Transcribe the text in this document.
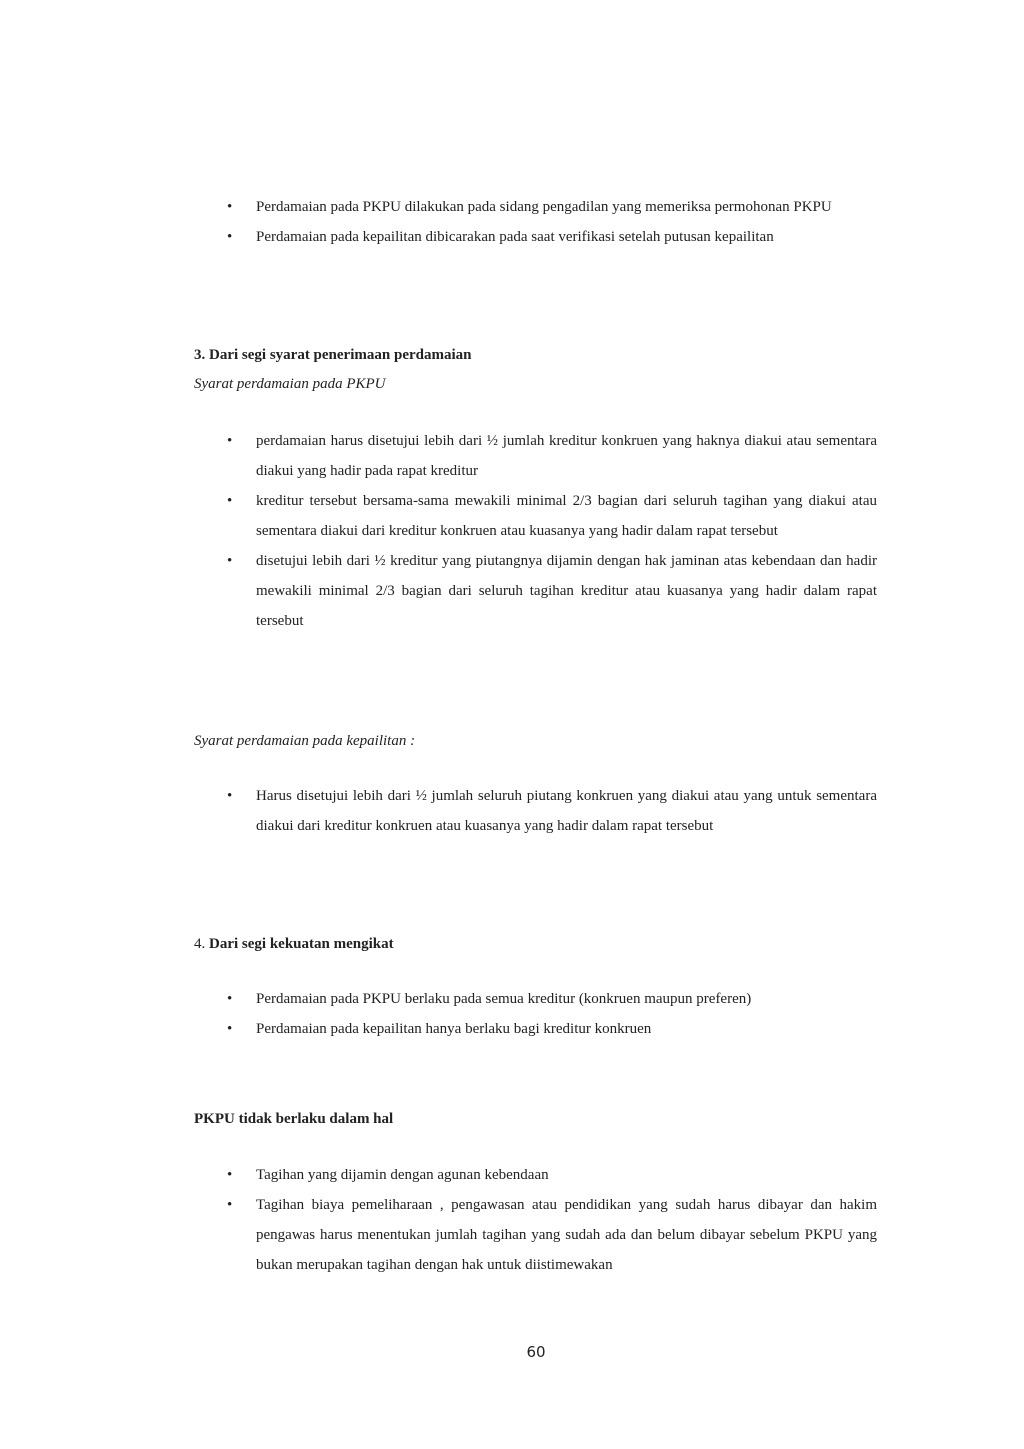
• Perdamaian pada PKPU dilakukan pada sidang pengadilan yang memeriksa permohonan PKPU
• Perdamaian pada kepailitan dibicarakan pada saat verifikasi setelah putusan kepailitan
3. Dari segi syarat penerimaan perdamaian
Syarat perdamaian pada PKPU
• perdamaian harus disetujui lebih dari ½ jumlah kreditur konkruen yang haknya diakui atau sementara diakui yang hadir pada rapat kreditur
• kreditur tersebut bersama-sama mewakili minimal 2/3 bagian dari seluruh tagihan yang diakui atau sementara diakui dari kreditur konkruen atau kuasanya yang hadir dalam rapat tersebut
• disetujui lebih dari ½ kreditur yang piutangnya dijamin dengan hak jaminan atas kebendaan dan hadir mewakili minimal 2/3 bagian dari seluruh tagihan kreditur atau kuasanya yang hadir dalam rapat tersebut
Syarat perdamaian pada kepailitan :
• Harus disetujui lebih dari ½ jumlah seluruh piutang konkruen yang diakui atau yang untuk sementara diakui dari kreditur konkruen atau kuasanya yang hadir dalam rapat tersebut
4. Dari segi kekuatan mengikat
• Perdamaian pada PKPU berlaku pada semua kreditur (konkruen maupun preferen)
• Perdamaian pada kepailitan hanya berlaku bagi kreditur konkruen
PKPU tidak berlaku dalam hal
• Tagihan yang dijamin dengan agunan kebendaan
• Tagihan biaya pemeliharaan , pengawasan atau pendidikan yang sudah harus dibayar dan hakim pengawas harus menentukan jumlah tagihan yang sudah ada dan belum dibayar sebelum PKPU yang bukan merupakan tagihan dengan hak untuk diistimewakan
60
